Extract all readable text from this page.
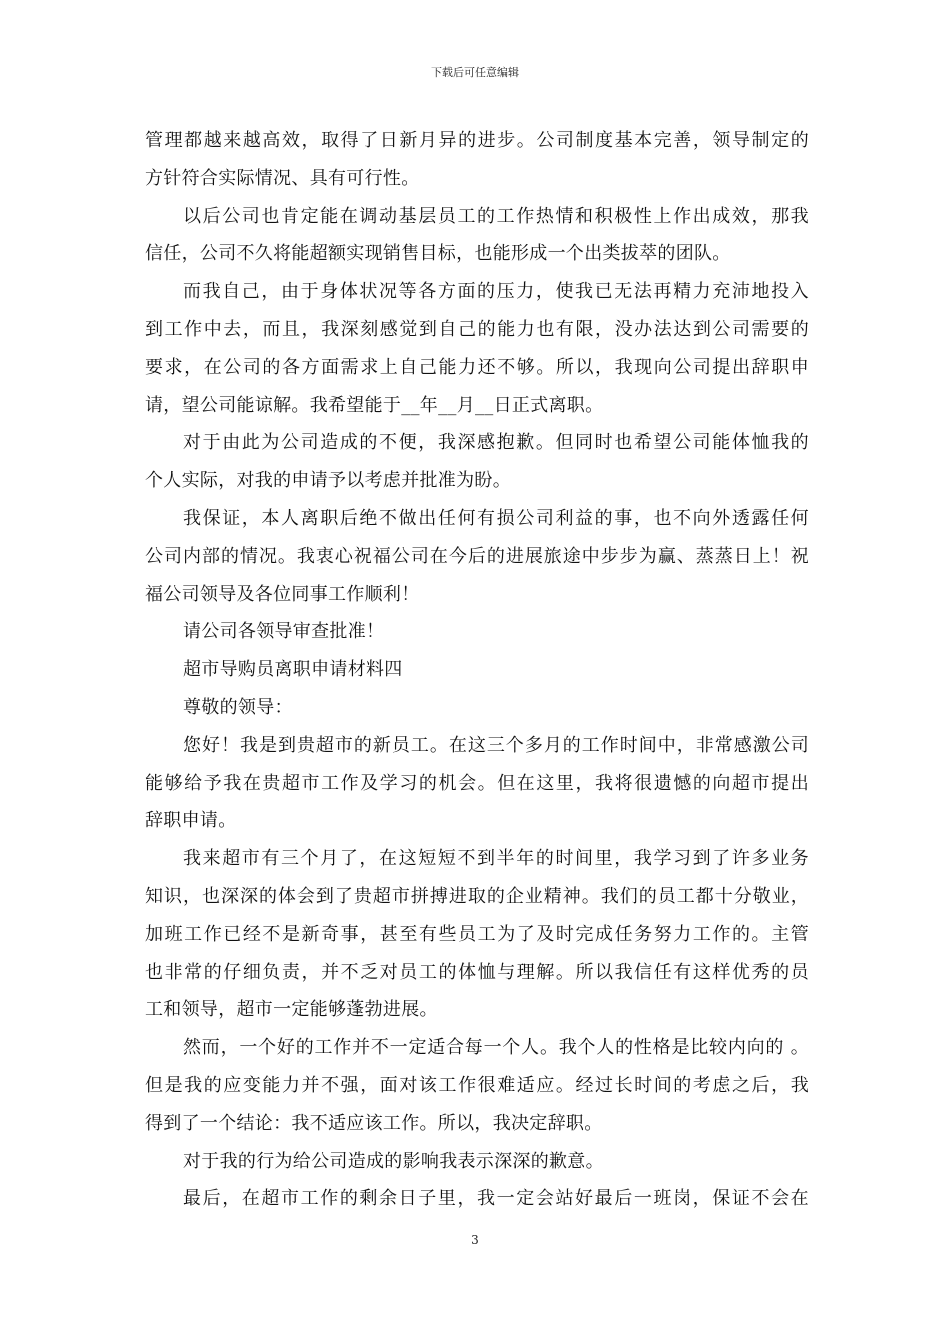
下载后可任意编辑
管理都越来越高效，取得了日新月异的进步。公司制度基本完善，领导制定的
方针符合实际情况、具有可行性。
以后公司也肯定能在调动基层员工的工作热情和积极性上作出成效，那我
信任，公司不久将能超额实现销售目标，也能形成一个出类拔萃的团队。
而我自己，由于身体状况等各方面的压力，使我已无法再精力充沛地投入
到工作中去，而且，我深刻感觉到自己的能力也有限，没办法达到公司需要的
要求，在公司的各方面需求上自己能力还不够。所以，我现向公司提出辞职申
请，望公司能谅解。我希望能于__年__月__日正式离职。
对于由此为公司造成的不便，我深感抱歉。但同时也希望公司能体恤我的
个人实际，对我的申请予以考虑并批准为盼。
我保证，本人离职后绝不做出任何有损公司利益的事，也不向外透露任何
公司内部的情况。我衷心祝福公司在今后的进展旅途中步步为赢、蒸蒸日上！祝
福公司领导及各位同事工作顺利！
请公司各领导审查批准！
超市导购员离职申请材料四
尊敬的领导：
您好！我是到贵超市的新员工。在这三个多月的工作时间中，非常感激公司
能够给予我在贵超市工作及学习的机会。但在这里，我将很遗憾的向超市提出
辞职申请。
我来超市有三个月了，在这短短不到半年的时间里，我学习到了许多业务
知识，也深深的体会到了贵超市拼搏进取的企业精神。我们的员工都十分敬业，
加班工作已经不是新奇事，甚至有些员工为了及时完成任务努力工作的。主管
也非常的仔细负责，并不乏对员工的体恤与理解。所以我信任有这样优秀的员
工和领导，超市一定能够蓬勃进展。
然而，一个好的工作并不一定适合每一个人。我个人的性格是比较内向的 。
但是我的应变能力并不强，面对该工作很难适应。经过长时间的考虑之后，我
得到了一个结论：我不适应该工作。所以，我决定辞职。
对于我的行为给公司造成的影响我表示深深的歉意。
最后，在超市工作的剩余日子里，我一定会站好最后一班岗，保证不会在
3
